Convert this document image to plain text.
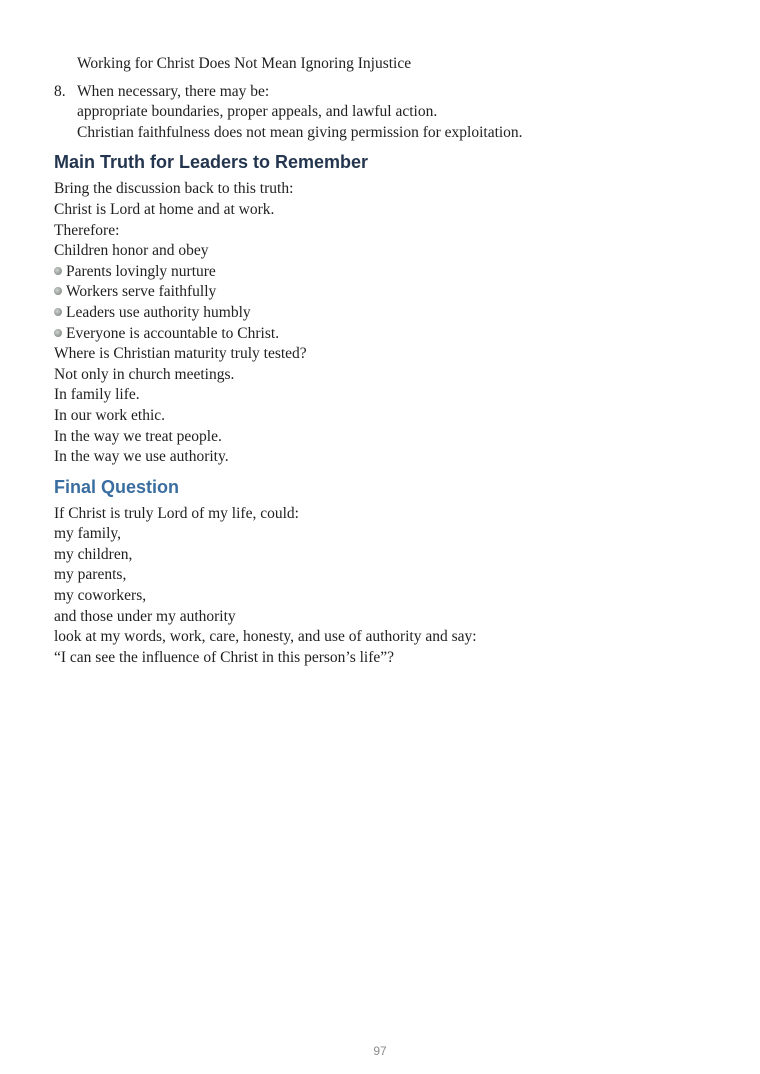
Working for Christ Does Not Mean Ignoring Injustice
8. When necessary, there may be:
appropriate boundaries, proper appeals, and lawful action.
Christian faithfulness does not mean giving permission for exploitation.
Main Truth for Leaders to Remember
Bring the discussion back to this truth:
Christ is Lord at home and at work.
Therefore:
Children honor and obey
Parents lovingly nurture
Workers serve faithfully
Leaders use authority humbly
Everyone is accountable to Christ.
Where is Christian maturity truly tested?
Not only in church meetings.
In family life.
In our work ethic.
In the way we treat people.
In the way we use authority.
Final Question
If Christ is truly Lord of my life, could:
my family,
my children,
my parents,
my coworkers,
and those under my authority
look at my words, work, care, honesty, and use of authority and say:
“I can see the influence of Christ in this person’s life”?
97
